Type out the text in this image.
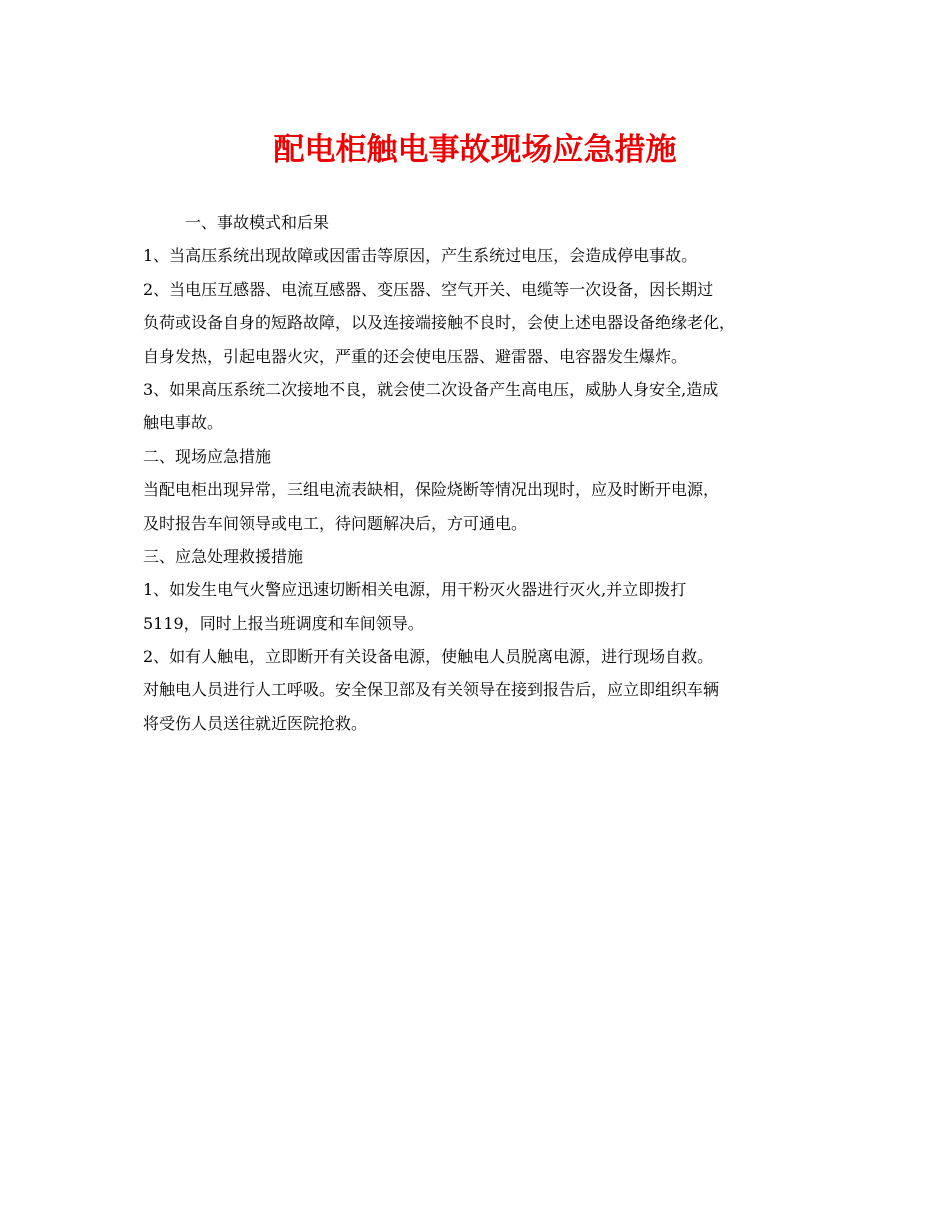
配电柜触电事故现场应急措施
一、事故模式和后果
1、当高压系统出现故障或因雷击等原因，产生系统过电压，会造成停电事故。
2、当电压互感器、电流互感器、变压器、空气开关、电缆等一次设备，因长期过
负荷或设备自身的短路故障，以及连接端接触不良时，会使上述电器设备绝缘老化，
自身发热，引起电器火灾，严重的还会使电压器、避雷器、电容器发生爆炸。
3、如果高压系统二次接地不良，就会使二次设备产生高电压，威胁人身安全,造成
触电事故。
二、现场应急措施
当配电柜出现异常，三组电流表缺相，保险烧断等情况出现时，应及时断开电源，
及时报告车间领导或电工，待问题解决后，方可通电。
三、应急处理救援措施
1、如发生电气火警应迅速切断相关电源，用干粉灭火器进行灭火,并立即拨打
5119，同时上报当班调度和车间领导。
2、如有人触电，立即断开有关设备电源，使触电人员脱离电源，进行现场自救。
对触电人员进行人工呼吸。安全保卫部及有关领导在接到报告后，应立即组织车辆
将受伤人员送往就近医院抢救。
